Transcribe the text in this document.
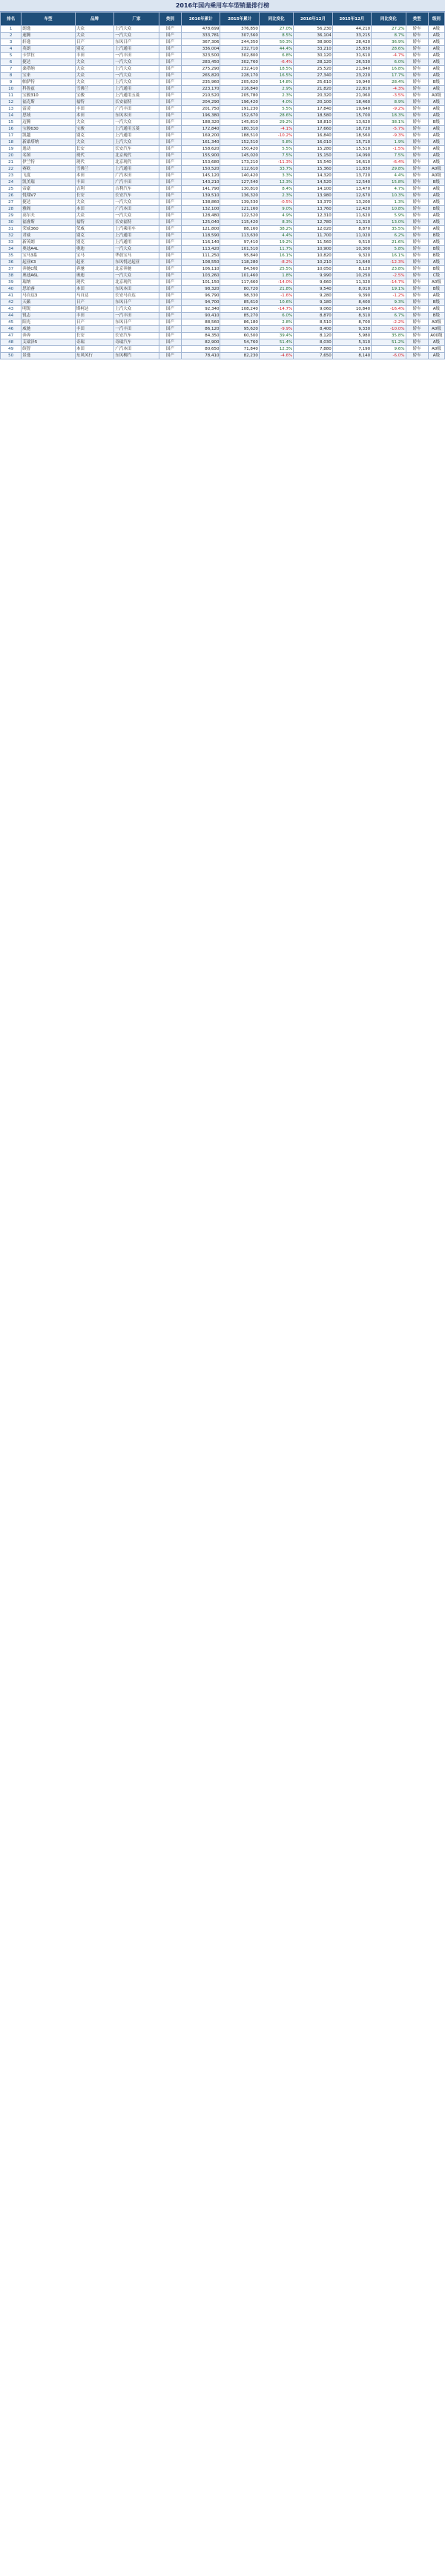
2016年国内乘用车车型销量排行榜
排名	车型	品牌	厂家	类别	2016年累计	2015年累计	同比变化	2016年12月	2015年12月	同比变化	类型	级别
1	朗逸	大众	上汽大众	国产	478,699	376,850	27.0%	56,230	44,210	27.2%	轿车	A级
2	速腾	大众	一汽大众	国产	333,781	307,560	8.5%	36,104	33,215	8.7%	轿车	A级
3	轩逸	日产	东风日产	国产	367,306	244,350	50.3%	38,900	28,420	36.9%	轿车	A级
4	英朗	别克	上汽通用	国产	336,004	232,710	44.4%	33,210	25,830	28.6%	轿车	A级
5	卡罗拉	丰田	一汽丰田	国产	323,500	302,800	6.8%	30,120	31,610	-4.7%	轿车	A级
6	捷达	大众	一汽大众	国产	283,450	302,760	-6.4%	28,120	26,530	6.0%	轿车	A级
7	桑塔纳	大众	上汽大众	国产	275,290	232,410	18.5%	25,520	21,840	16.8%	轿车	A级
8	宝来	大众	一汽大众	国产	265,820	228,170	16.5%	27,340	23,220	17.7%	轿车	A级
9	帕萨特	大众	上汽大众	国产	235,960	205,620	14.8%	25,610	19,940	28.4%	轿车	B级
10	科鲁兹	雪佛兰	上汽通用	国产	223,170	216,840	2.9%	21,820	22,810	-4.3%	轿车	A级
11	宝骏310	宝骏	上汽通用五菱	国产	210,520	205,780	2.3%	20,320	21,060	-3.5%	轿车	A0级
12	福克斯	福特	长安福特	国产	204,290	196,420	4.0%	20,100	18,460	8.9%	轿车	A级
13	雷凌	丰田	广汽丰田	国产	201,750	191,230	5.5%	17,840	19,640	-9.2%	轿车	A级
14	思域	本田	东风本田	国产	196,380	152,670	28.6%	18,580	15,700	18.3%	轿车	A级
15	迈腾	大众	一汽大众	国产	188,320	145,810	29.2%	18,810	13,620	38.1%	轿车	B级
16	宝骏630	宝骏	上汽通用五菱	国产	172,840	180,310	-4.1%	17,660	18,720	-5.7%	轿车	A级
17	凯越	别克	上汽通用	国产	169,200	188,510	-10.2%	16,840	18,560	-9.3%	轿车	A级
18	新桑塔纳	大众	上汽大众	国产	161,340	152,510	5.8%	16,010	15,710	1.9%	轿车	A级
19	逸动	长安	长安汽车	国产	158,620	150,420	5.5%	15,280	15,510	-1.5%	轿车	A级
20	名图	现代	北京现代	国产	155,900	145,020	7.5%	15,150	14,090	7.5%	轿车	A级
21	伊兰特	现代	北京现代	国产	153,680	173,210	-11.3%	15,540	16,610	-6.4%	轿车	A级
22	赛欧	雪佛兰	上汽通用	国产	150,520	112,610	33.7%	15,360	11,830	29.8%	轿车	A0级
23	飞度	本田	广汽本田	国产	145,120	140,420	3.3%	14,320	13,720	4.4%	轿车	A0级
24	凯美瑞	丰田	广汽丰田	国产	143,210	127,540	12.3%	14,520	12,540	15.8%	轿车	B级
25	帝豪	吉利	吉利汽车	国产	141,790	130,810	8.4%	14,100	13,470	4.7%	轿车	A级
26	悦翔V7	长安	长安汽车	国产	139,510	136,320	2.3%	13,980	12,670	10.3%	轿车	A级
27	捷达	大众	一汽大众	国产	138,860	139,530	-0.5%	13,370	13,200	1.3%	轿车	A级
28	雅阁	本田	广汽本田	国产	132,100	121,160	9.0%	13,760	12,420	10.8%	轿车	B级
29	高尔夫	大众	一汽大众	国产	128,480	122,520	4.9%	12,310	11,620	5.9%	轿车	A级
30	福睿斯	福特	长安福特	国产	125,040	115,420	8.3%	12,780	11,310	13.0%	轿车	A级
31	荣威360	荣威	上汽乘用车	国产	121,800	88,160	38.2%	12,020	8,870	35.5%	轿车	A级
32	君威	别克	上汽通用	国产	118,590	113,630	4.4%	11,700	11,020	6.2%	轿车	B级
33	新英朗	别克	上汽通用	国产	116,140	97,410	19.2%	11,560	9,510	21.6%	轿车	A级
34	奥迪A4L	奥迪	一汽大众	国产	113,420	101,510	11.7%	10,900	10,300	5.8%	轿车	B级
35	宝马3系	宝马	华晨宝马	国产	111,250	95,840	16.1%	10,820	9,320	16.1%	轿车	B级
36	起亚K3	起亚	东风悦达起亚	国产	108,550	118,280	-8.2%	10,210	11,640	-12.3%	轿车	A级
37	奔驰C级	奔驰	北京奔驰	国产	106,110	84,560	25.5%	10,050	8,120	23.8%	轿车	B级
38	奥迪A6L	奥迪	一汽大众	国产	103,260	101,460	1.8%	9,990	10,250	-2.5%	轿车	C级
39	瑞纳	现代	北京现代	国产	101,150	117,660	-14.0%	9,660	11,320	-14.7%	轿车	A0级
40	思铂睿	本田	东风本田	国产	98,320	80,720	21.8%	9,540	8,010	19.1%	轿车	B级
41	马自达3	马自达	长安马自达	国产	96,790	98,330	-1.6%	9,280	9,390	-1.2%	轿车	A级
42	天籁	日产	东风日产	国产	94,700	85,610	10.6%	9,180	8,400	9.3%	轿车	B级
43	明锐	斯柯达	上汽大众	国产	92,340	108,240	-14.7%	9,060	10,840	-16.4%	轿车	A级
44	锐志	丰田	一汽丰田	国产	90,410	85,270	6.0%	8,870	8,310	6.7%	轿车	B级
45	阳光	日产	东风日产	国产	88,560	86,180	2.8%	8,510	8,700	-2.2%	轿车	A0级
46	威驰	丰田	一汽丰田	国产	86,120	95,620	-9.9%	8,400	9,330	-10.0%	轿车	A0级
47	奔奔	长安	长安汽车	国产	84,350	60,500	39.4%	8,120	5,980	35.8%	轿车	A00级
48	艾瑞泽5	奇瑞	奇瑞汽车	国产	82,900	54,760	51.4%	8,030	5,310	51.2%	轿车	A级
49	缤智	本田	广汽本田	国产	80,650	71,840	12.3%	7,880	7,190	9.6%	轿车	A0级
50	景逸	东风风行	东风柳汽	国产	78,410	82,230	-4.6%	7,650	8,140	-6.0%	轿车	A级
